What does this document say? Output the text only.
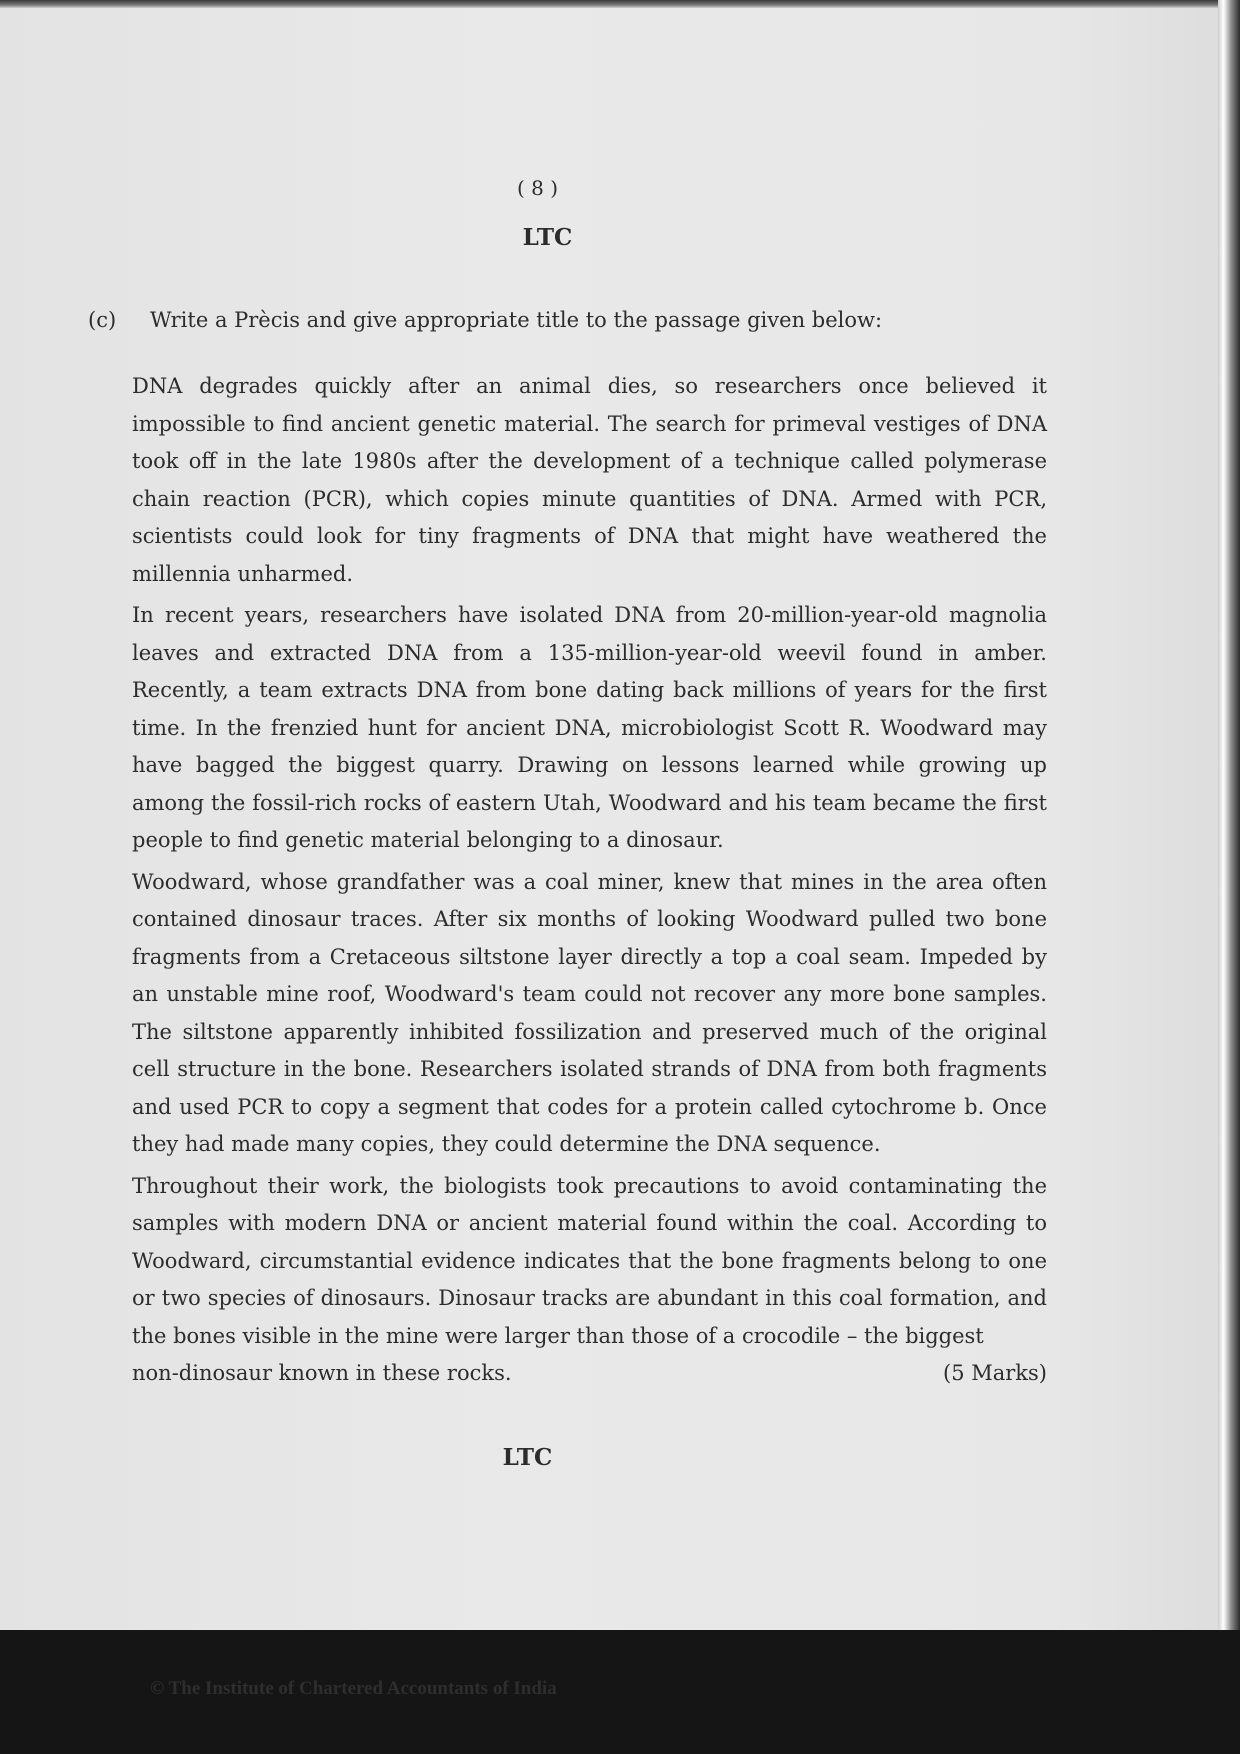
( 8 )
LTC
(c) Write a Prècis and give appropriate title to the passage given below:

DNA degrades quickly after an animal dies, so researchers once believed it impossible to find ancient genetic material. The search for primeval vestiges of DNA took off in the late 1980s after the development of a technique called polymerase chain reaction (PCR), which copies minute quantities of DNA. Armed with PCR, scientists could look for tiny fragments of DNA that might have weathered the millennia unharmed.

In recent years, researchers have isolated DNA from 20-million-year-old magnolia leaves and extracted DNA from a 135-million-year-old weevil found in amber. Recently, a team extracts DNA from bone dating back millions of years for the first time. In the frenzied hunt for ancient DNA, microbiologist Scott R. Woodward may have bagged the biggest quarry. Drawing on lessons learned while growing up among the fossil-rich rocks of eastern Utah, Woodward and his team became the first people to find genetic material belonging to a dinosaur.

Woodward, whose grandfather was a coal miner, knew that mines in the area often contained dinosaur traces. After six months of looking Woodward pulled two bone fragments from a Cretaceous siltstone layer directly a top a coal seam. Impeded by an unstable mine roof, Woodward's team could not recover any more bone samples. The siltstone apparently inhibited fossilization and preserved much of the original cell structure in the bone. Researchers isolated strands of DNA from both fragments and used PCR to copy a segment that codes for a protein called cytochrome b. Once they had made many copies, they could determine the DNA sequence.

Throughout their work, the biologists took precautions to avoid contaminating the samples with modern DNA or ancient material found within the coal. According to Woodward, circumstantial evidence indicates that the bone fragments belong to one or two species of dinosaurs. Dinosaur tracks are abundant in this coal formation, and the bones visible in the mine were larger than those of a crocodile – the biggest

non-dinosaur known in these rocks.	(5 Marks)
LTC
© The Institute of Chartered Accountants of India
